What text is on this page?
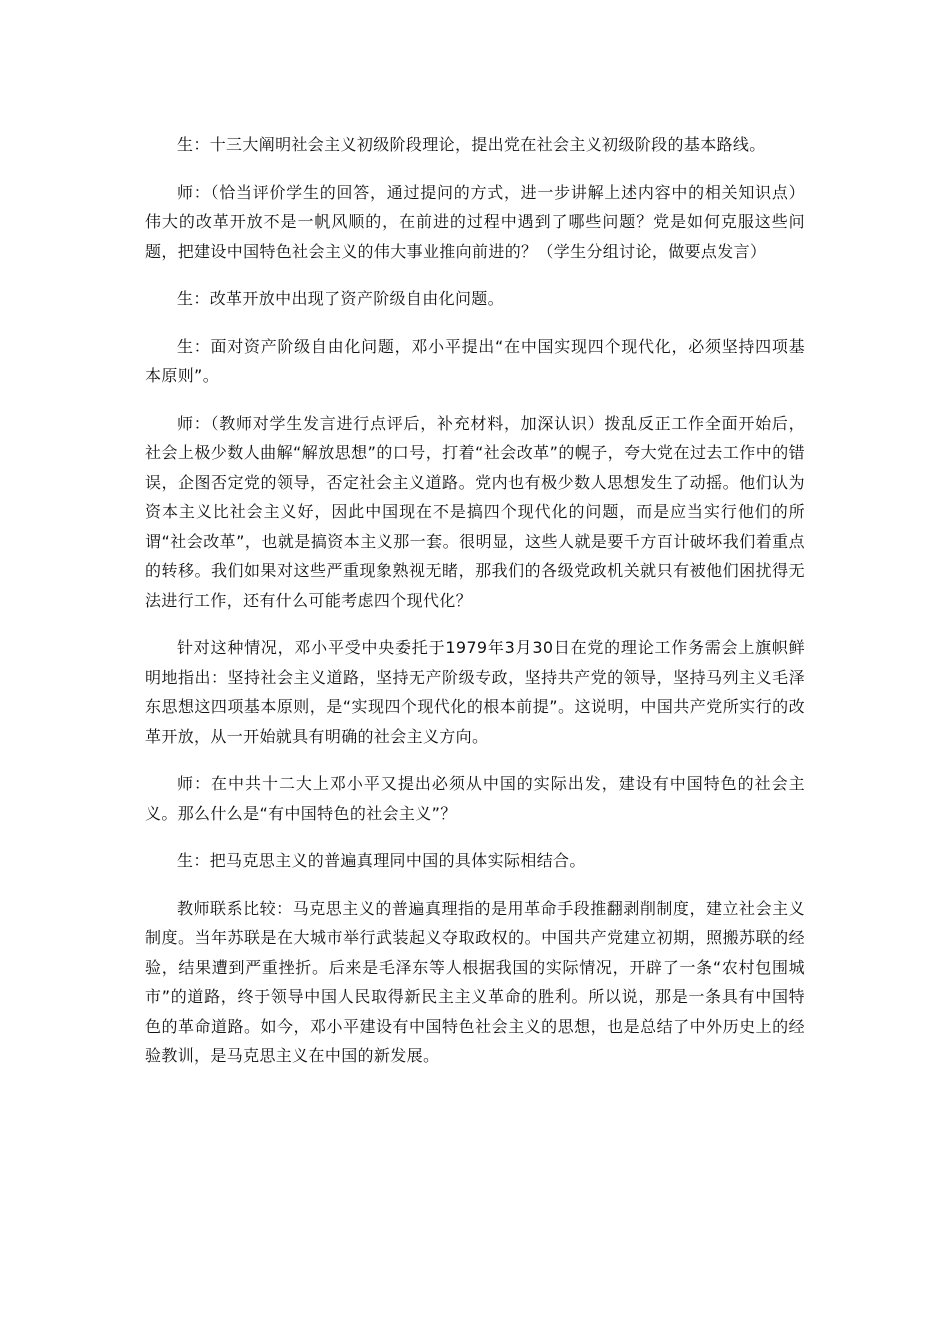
生：十三大阐明社会主义初级阶段理论，提出党在社会主义初级阶段的基本路线。

师：（恰当评价学生的回答，通过提问的方式，进一步讲解上述内容中的相关知识点）伟大的改革开放不是一帆风顺的，在前进的过程中遇到了哪些问题？党是如何克服这些问题，把建设中国特色社会主义的伟大事业推向前进的？（学生分组讨论，做要点发言）

生：改革开放中出现了资产阶级自由化问题。

生：面对资产阶级自由化问题，邓小平提出“在中国实现四个现代化，必须坚持四项基本原则”。

师：（教师对学生发言进行点评后，补充材料，加深认识）拨乱反正工作全面开始后，社会上极少数人曲解“解放思想”的口号，打着“社会改革”的幌子，夸大党在过去工作中的错误，企图否定党的领导，否定社会主义道路。党内也有极少数人思想发生了动摇。他们认为资本主义比社会主义好，因此中国现在不是搞四个现代化的问题，而是应当实行他们的所谓“社会改革”，也就是搞资本主义那一套。很明显，这些人就是要千方百计破坏我们着重点的转移。我们如果对这些严重现象熟视无睹，那我们的各级党政机关就只有被他们困扰得无法进行工作，还有什么可能考虑四个现代化？

针对这种情况，邓小平受中央委托于1979年3月30日在党的理论工作务需会上旗帜鲜明地指出：坚持社会主义道路，坚持无产阶级专政，坚持共产党的领导，坚持马列主义毛泽东思想这四项基本原则，是“实现四个现代化的根本前提”。这说明，中国共产党所实行的改革开放，从一开始就具有明确的社会主义方向。

师：在中共十二大上邓小平又提出必须从中国的实际出发，建设有中国特色的社会主义。那么什么是“有中国特色的社会主义”？

生：把马克思主义的普遍真理同中国的具体实际相结合。

教师联系比较：马克思主义的普遍真理指的是用革命手段推翻剥削制度，建立社会主义制度。当年苏联是在大城市举行武装起义夺取政权的。中国共产党建立初期，照搬苏联的经验，结果遭到严重挫折。后来是毛泽东等人根据我国的实际情况，开辟了一条“农村包围城市”的道路，终于领导中国人民取得新民主主义革命的胜利。所以说，那是一条具有中国特色的革命道路。如今，邓小平建设有中国特色社会主义的思想，也是总结了中外历史上的经验教训，是马克思主义在中国的新发展。
